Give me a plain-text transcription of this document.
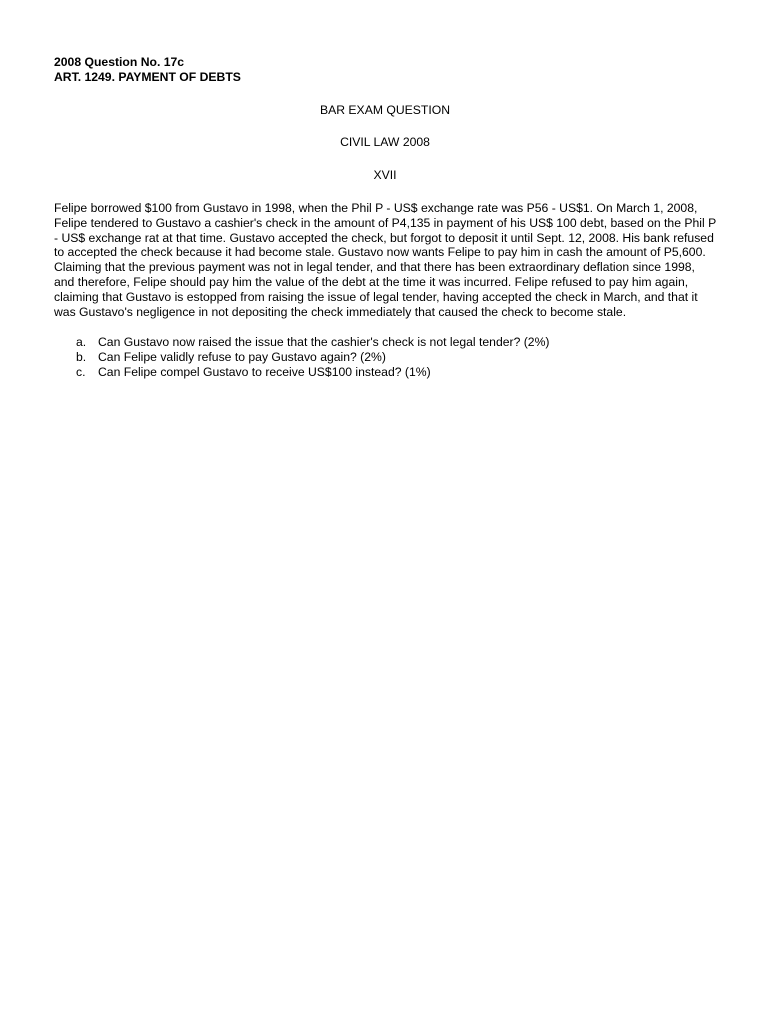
2008 Question No. 17c

ART. 1249. PAYMENT OF DEBTS

BAR EXAM QUESTION

CIVIL LAW 2008

XVII

Felipe borrowed $100 from Gustavo in 1998, when the Phil P - US$ exchange rate was P56 - US$1. On March 1, 2008, Felipe tendered to Gustavo a cashier's check in the amount of P4,135 in payment of his US$ 100 debt, based on the Phil P - US$ exchange rat at that time. Gustavo accepted the check, but forgot to deposit it until Sept. 12, 2008. His bank refused to accepted the check because it had become stale. Gustavo now wants Felipe to pay him in cash the amount of P5,600. Claiming that the previous payment was not in legal tender, and that there has been extraordinary deflation since 1998, and therefore, Felipe should pay him the value of the debt at the time it was incurred. Felipe refused to pay him again, claiming that Gustavo is estopped from raising the issue of legal tender, having accepted the check in March, and that it was Gustavo's negligence in not depositing the check immediately that caused the check to become stale.

a. Can Gustavo now raised the issue that the cashier's check is not legal tender? (2%)
b. Can Felipe validly refuse to pay Gustavo again? (2%)
c.	Can Felipe compel Gustavo to receive US$100 instead? (1%)
